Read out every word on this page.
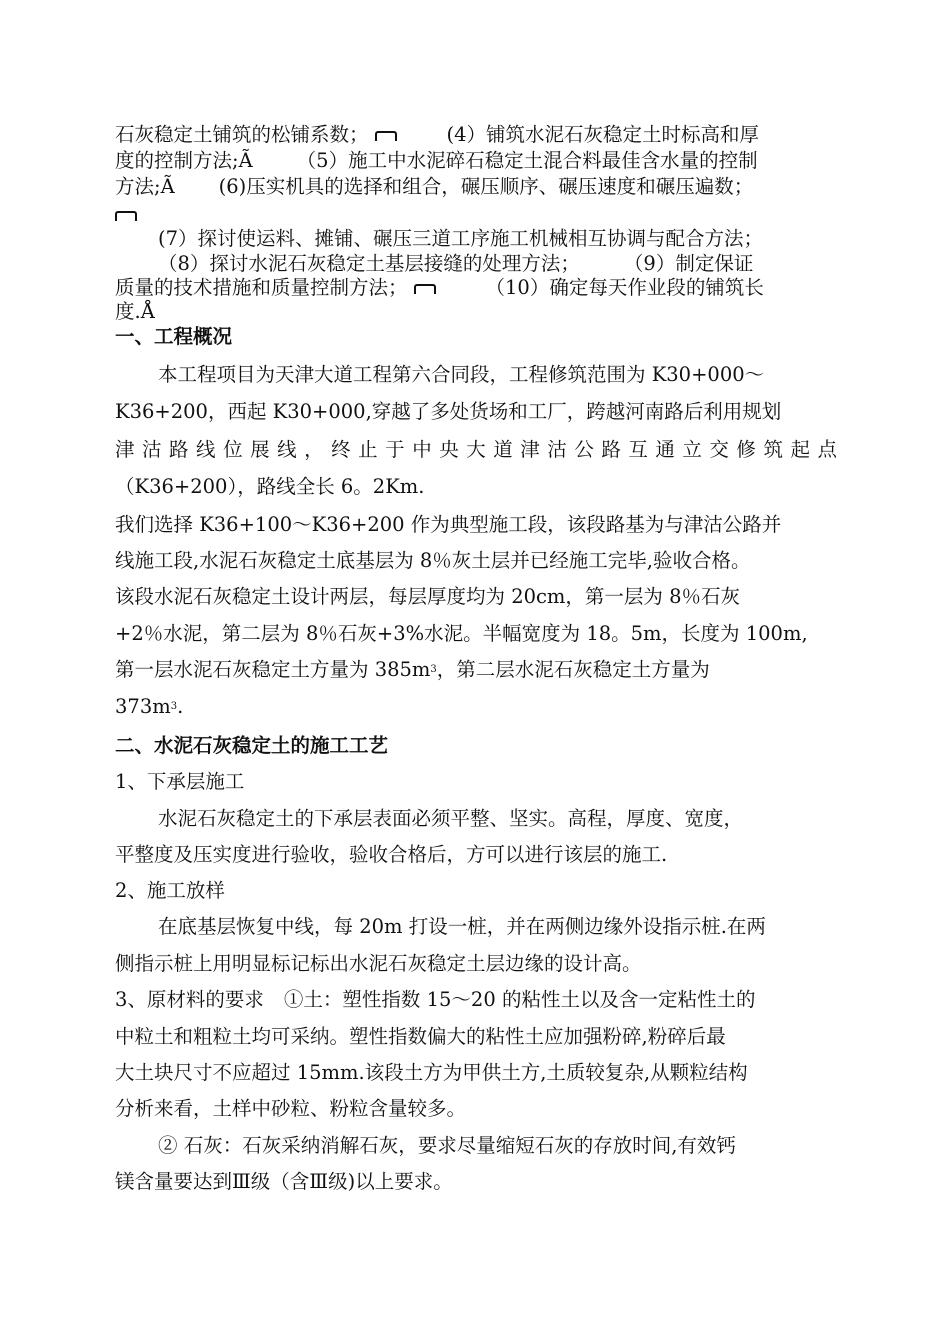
石灰稳定土铺筑的松铺系数；	(4）铺筑水泥石灰稳定土时标高和厚
度的控制方法;Ã （5）施工中水泥碎石稳定土混合料最佳含水量的控制
方法;Ã (6)压实机具的选择和组合，碾压顺序、碾压速度和碾压遍数；
(7）探讨使运料、摊铺、碾压三道工序施工机械相互协调与配合方法；
（8）探讨水泥石灰稳定土基层接缝的处理方法； （9）制定保证
质量的技术措施和质量控制方法；	（10）确定每天作业段的铺筑长
度.Å
一、工程概况
本工程项目为天津大道工程第六合同段，工程修筑范围为 K30+000～
K36+200，西起 K30+000,穿越了多处货场和工厂，跨越河南路后利用规划
津沽路线位展线，终止于中央大道津沽公路互通立交修筑起点
（K36+200），路线全长 6。2Km.
我们选择 K36+100～K36+200 作为典型施工段，该段路基为与津沽公路并
线施工段,水泥石灰稳定土底基层为 8％灰土层并已经施工完毕,验收合格。
该段水泥石灰稳定土设计两层，每层厚度均为 20cm，第一层为 8％石灰
+2％水泥，第二层为 8％石灰+3%水泥。半幅宽度为 18。5m，长度为 100m,
第一层水泥石灰稳定土方量为 $385m^3$，第二层水泥石灰稳定土方量为
$373m^3$.
二、水泥石灰稳定土的施工工艺
1、下承层施工
水泥石灰稳定土的下承层表面必须平整、坚实。高程，厚度、宽度，
平整度及压实度进行验收，验收合格后，方可以进行该层的施工.
2、施工放样
在底基层恢复中线，每 20m 打设一桩，并在两侧边缘外设指示桩.在两
侧指示桩上用明显标记标出水泥石灰稳定土层边缘的设计高。
3、原材料的要求 ①土：塑性指数 15～20 的粘性土以及含一定粘性土的
中粒土和粗粒土均可采纳。塑性指数偏大的粘性土应加强粉碎,粉碎后最
大土块尺寸不应超过 15mm.该段土方为甲供土方,土质较复杂,从颗粒结构
分析来看，土样中砂粒、粉粒含量较多。
② 石灰：石灰采纳消解石灰，要求尽量缩短石灰的存放时间,有效钙
镁含量要达到Ⅲ级（含Ⅲ级)以上要求。
